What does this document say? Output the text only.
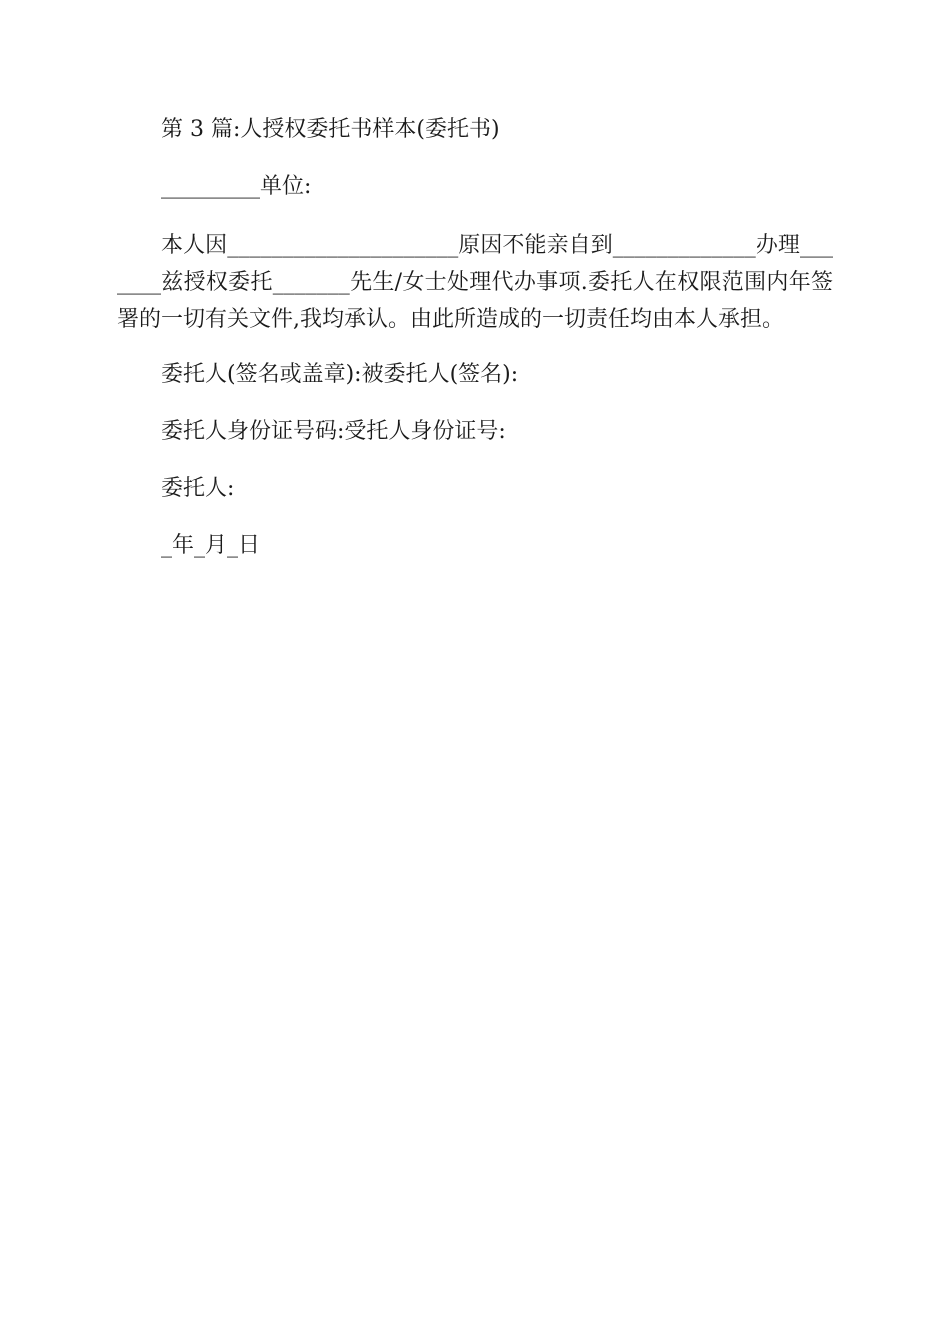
第 3 篇:人授权委托书样本(委托书)

_________单位:

本人因_____________________原因不能亲自到_____________办理_______兹授权委托_______先生/女士处理代办事项.委托人在权限范围内年签署的一切有关文件,我均承认。由此所造成的一切责任均由本人承担。

委托人(签名或盖章):被委托人(签名):

委托人身份证号码:受托人身份证号:

委托人:

_年_月_日
